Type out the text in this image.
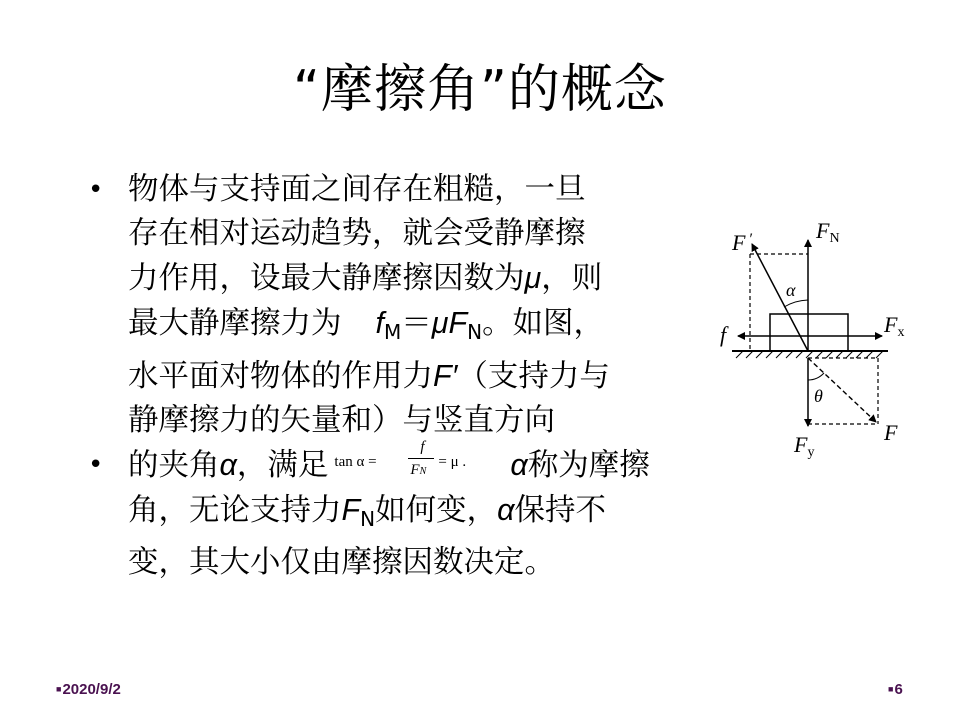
“摩擦角”的概念
• 物体与支持面之间存在粗糙，一旦
存在相对运动趋势，就会受静摩擦
力作用，设最大静摩擦因数为μ，则
最大静摩擦力为 $f_M=\mu F_N$。如图，
水平面对物体的作用力F′（支持力与
静摩擦力的矢量和）与竖直方向
• 的夹角α，满足 tan α =
f
FN
= μ . α称为摩擦
角，无论支持力$F_N$如何变，α保持不
变，其大小仅由摩擦因数决定。
F ′	FN
α
f	Fx
θ
Fy
F
■2020/9/2	■6
